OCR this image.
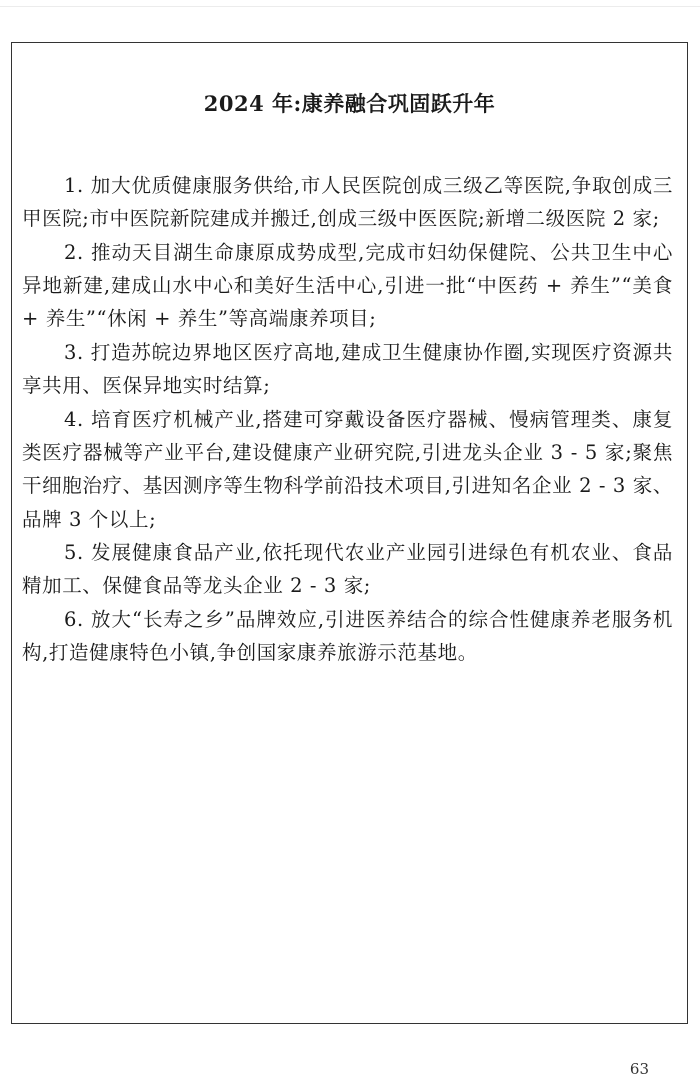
2024 年:康养融合巩固跃升年

1. 加大优质健康服务供给,市人民医院创成三级乙等医院,争取创成三甲医院;市中医院新院建成并搬迁,创成三级中医医院;新增二级医院 2 家;

2. 推动天目湖生命康原成势成型,完成市妇幼保健院、公共卫生中心异地新建,建成山水中心和美好生活中心,引进一批“中医药 + 养生”“美食 + 养生”“休闲 + 养生”等高端康养项目;

3. 打造苏皖边界地区医疗高地,建成卫生健康协作圈,实现医疗资源共享共用、医保异地实时结算;

4. 培育医疗机械产业,搭建可穿戴设备医疗器械、慢病管理类、康复类医疗器械等产业平台,建设健康产业研究院,引进龙头企业 3 - 5 家;聚焦干细胞治疗、基因测序等生物科学前沿技术项目,引进知名企业 2 - 3 家、品牌 3 个以上;

5. 发展健康食品产业,依托现代农业产业园引进绿色有机农业、食品精加工、保健食品等龙头企业 2 - 3 家;

6. 放大“长寿之乡”品牌效应,引进医养结合的综合性健康养老服务机构,打造健康特色小镇,争创国家康养旅游示范基地。

63
